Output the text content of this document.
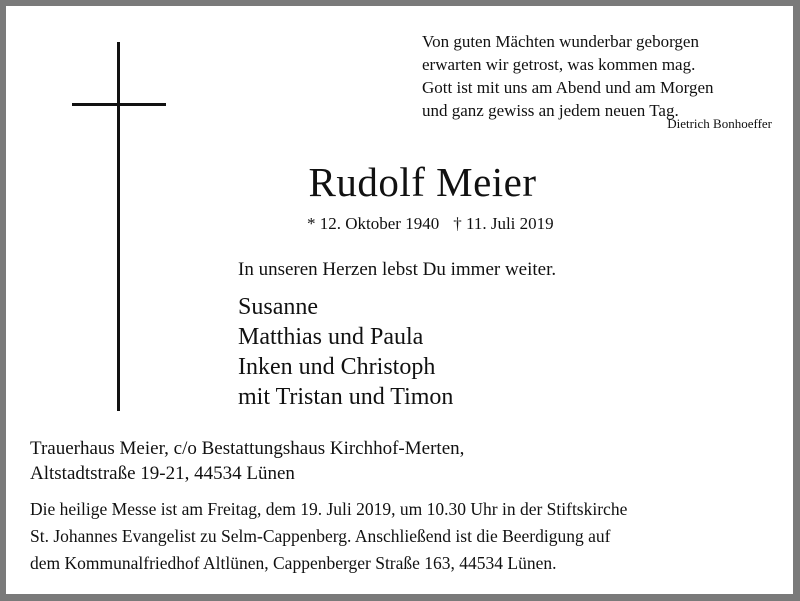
Von guten Mächten wunderbar geborgen
erwarten wir getrost, was kommen mag.
Gott ist mit uns am Abend und am Morgen
und ganz gewiss an jedem neuen Tag.
Dietrich Bonhoeffer
Rudolf Meier
* 12. Oktober 1940 † 11. Juli 2019
In unseren Herzen lebst Du immer weiter.
Susanne
Matthias und Paula
Inken und Christoph
mit Tristan und Timon
Trauerhaus Meier, c/o Bestattungshaus Kirchhof-Merten,
Altstadtstraße 19-21, 44534 Lünen
Die heilige Messe ist am Freitag, dem 19. Juli 2019, um 10.30 Uhr in der Stiftskirche
St. Johannes Evangelist zu Selm-Cappenberg. Anschließend ist die Beerdigung auf
dem Kommunalfriedhof Altlünen, Cappenberger Straße 163, 44534 Lünen.
